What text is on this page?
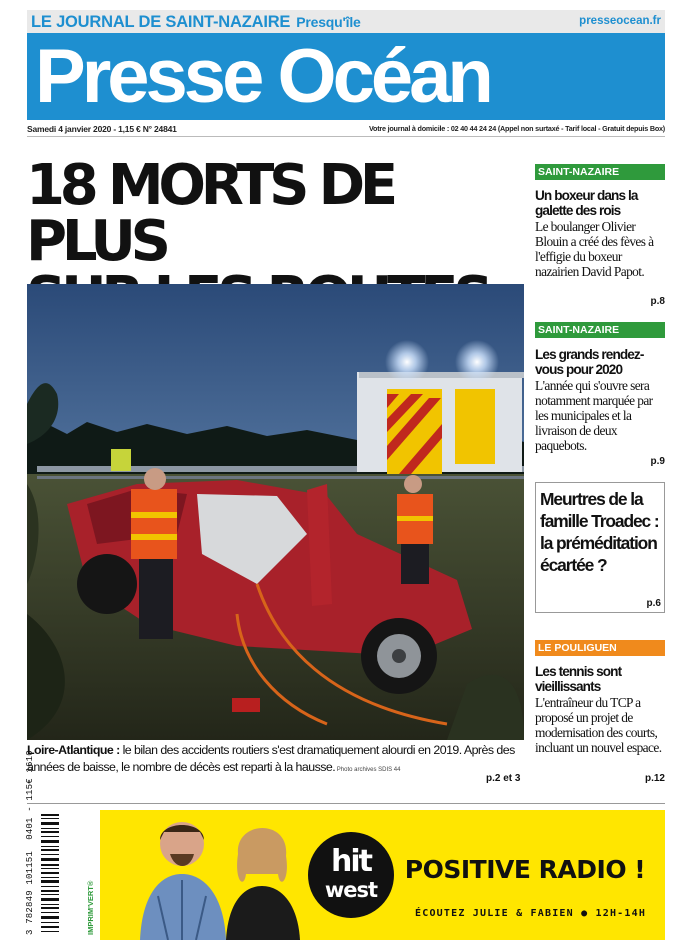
LE JOURNAL DE SAINT-NAZAIRE Presqu'île	presseocean.fr
Presse Océan
Samedi 4 janvier 2020 - 1,15 € N° 24841	Votre journal à domicile : 02 40 44 24 24 (Appel non surtaxé - Tarif local - Gratuit depuis Box)
18 MORTS DE PLUS

Loire-Atlantique : le bilan des accidents routiers s'est dramatiquement alourdi en 2019. Après des années de baisse, le nombre de décès est reparti à la hausse. Photo archives SDIS 44
p.2 et 3
SAINT-NAZAIRE
Un boxeur dans la galette des rois
Le boulanger Olivier Blouin a créé des fèves à l'effigie du boxeur nazairien David Papot.
p.8
SAINT-NAZAIRE
Les grands rendez-vous pour 2020
L'année qui s'ouvre sera notamment marquée par les municipales et la livraison de deux paquebots.
p.9
Meurtres de la famille Troadec : la préméditation écartée ?
p.6
LE POULIGUEN
Les tennis sont vieillissants
L'entraîneur du TCP a proposé un projet de modernisation des courts, incluant un nouvel espace.
p.12
3 782849 101151  0401 - 115€ 1610
IMPRIM'VERT®
hit
west
POSITIVE RADIO !
ÉCOUTEZ JULIE & FABIEN ● 12H-14H
